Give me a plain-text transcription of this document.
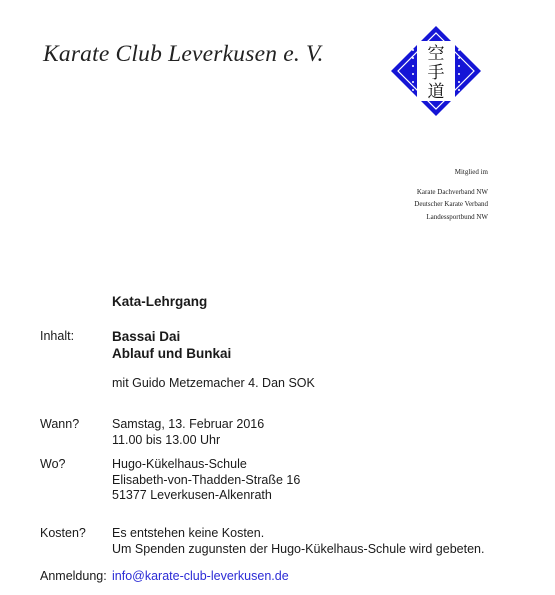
Karate Club Leverkusen e. V.	空
手
道
Mitglied im
Karate Dachverband NW
Deutscher Karate Verband
Landessportbund NW
Kata-Lehrgang
Inhalt:	Bassai Dai
Ablauf und Bunkai
mit Guido Metzemacher 4. Dan SOK
Wann?	Samstag, 13. Februar 2016
11.00 bis 13.00 Uhr
Wo?	Hugo-Kükelhaus-Schule
Elisabeth-von-Thadden-Straße 16
51377 Leverkusen-Alkenrath
Kosten? Es entstehen keine Kosten.
Um Spenden zugunsten der Hugo-Kükelhaus-Schule wird gebeten.
Anmeldung: info@karate-club-leverkusen.de
